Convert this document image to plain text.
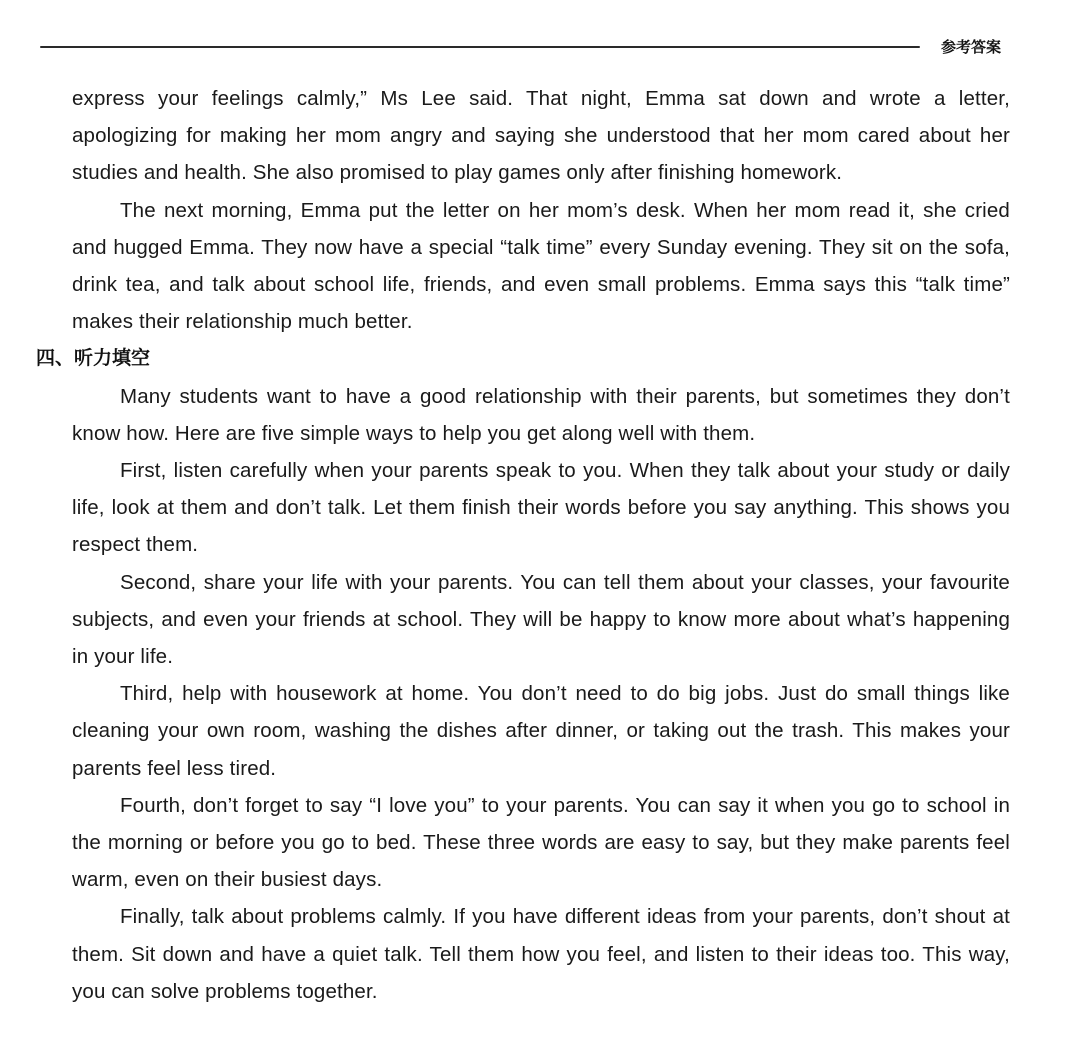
参考答案

express your feelings calmly,” Ms Lee said. That night, Emma sat down and wrote a letter, apologizing for making her mom angry and saying she understood that her mom cared about her studies and health. She also promised to play games only after finishing homework.

The next morning, Emma put the letter on her mom’s desk. When her mom read it, she cried and hugged Emma. They now have a special “talk time” every Sunday evening. They sit on the sofa, drink tea, and talk about school life, friends, and even small problems. Emma says this “talk time” makes their relationship much better.

四、听力填空

Many students want to have a good relationship with their parents, but sometimes they don’t know how. Here are five simple ways to help you get along well with them.

First, listen carefully when your parents speak to you. When they talk about your study or daily life, look at them and don’t talk. Let them finish their words before you say anything. This shows you respect them.

Second, share your life with your parents. You can tell them about your classes, your favourite subjects, and even your friends at school. They will be happy to know more about what’s happening in your life.

Third, help with housework at home. You don’t need to do big jobs. Just do small things like cleaning your own room, washing the dishes after dinner, or taking out the trash. This makes your parents feel less tired.

Fourth, don’t forget to say “I love you” to your parents. You can say it when you go to school in the morning or before you go to bed. These three words are easy to say, but they make parents feel warm, even on their busiest days.

Finally, talk about problems calmly. If you have different ideas from your parents, don’t shout at them. Sit down and have a quiet talk. Tell them how you feel, and listen to their ideas too. This way, you can solve problems together.
